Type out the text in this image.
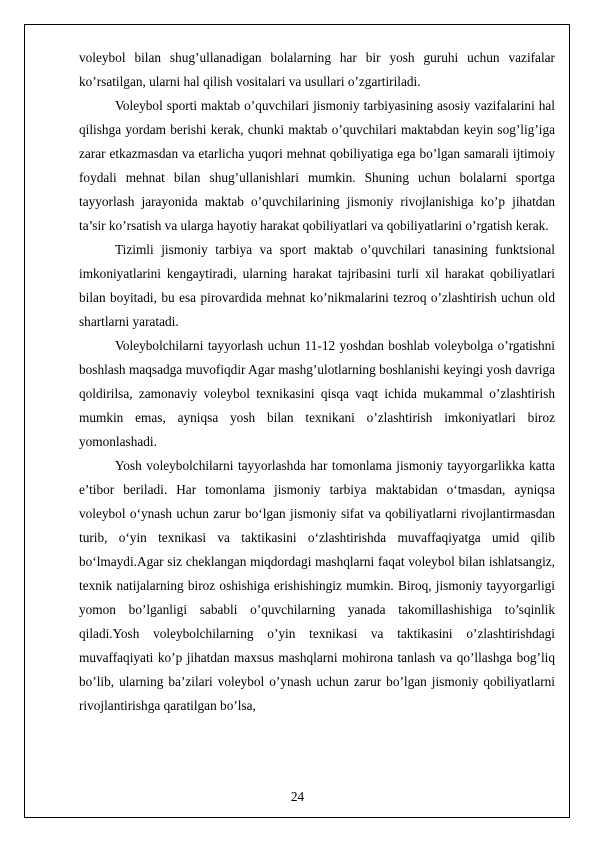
voleybol bilan shug’ullanadigan bolalarning har bir yosh guruhi uchun vazifalar ko’rsatilgan, ularni hal qilish vositalari va usullari o’zgartiriladi.

Voleybol sporti maktab o’quvchilari jismoniy tarbiyasining asosiy vazifalarini hal qilishga yordam berishi kerak, chunki maktab o’quvchilari maktabdan keyin sog’lig’iga zarar etkazmasdan va etarlicha yuqori mehnat qobiliyatiga ega bo’lgan samarali ijtimoiy foydali mehnat bilan shug’ullanishlari mumkin. Shuning uchun bolalarni sportga tayyorlash jarayonida maktab o’quvchilarining jismoniy rivojlanishiga ko’p jihatdan ta’sir ko’rsatish va ularga hayotiy harakat qobiliyatlari va qobiliyatlarini o’rgatish kerak.

Tizimli jismoniy tarbiya va sport maktab o’quvchilari tanasining funktsional imkoniyatlarini kengaytiradi, ularning harakat tajribasini turli xil harakat qobiliyatlari bilan boyitadi, bu esa pirovardida mehnat ko’nikmalarini tezroq o’zlashtirish uchun old shartlarni yaratadi.

Voleybolchilarni tayyorlash uchun 11-12 yoshdan boshlab voleybolga o’rgatishni boshlash maqsadga muvofiqdir Agar mashg’ulotlarning boshlanishi keyingi yosh davriga qoldirilsa, zamonaviy voleybol texnikasini qisqa vaqt ichida mukammal o’zlashtirish mumkin emas, ayniqsa yosh bilan texnikani o’zlashtirish imkoniyatlari biroz yomonlashadi.

Yosh voleybolchilarni tayyorlashda har tomonlama jismoniy tayyorgarlikka katta e’tibor beriladi. Har tomonlama jismoniy tarbiya maktabidan o‘tmasdan, ayniqsa voleybol o‘ynash uchun zarur bo‘lgan jismoniy sifat va qobiliyatlarni rivojlantirmasdan turib, o‘yin texnikasi va taktikasini o‘zlashtirishda muvaffaqiyatga umid qilib bo‘lmaydi.Agar siz cheklangan miqdordagi mashqlarni faqat voleybol bilan ishlatsangiz, texnik natijalarning biroz oshishiga erishishingiz mumkin. Biroq, jismoniy tayyorgarligi yomon bo’lganligi sababli o’quvchilarning yanada takomillashishiga to’sqinlik qiladi.Yosh voleybolchilarning o’yin texnikasi va taktikasini o’zlashtirishdagi muvaffaqiyati ko’p jihatdan maxsus mashqlarni mohirona tanlash va qo’llashga bog’liq bo’lib, ularning ba’zilari voleybol o’ynash uchun zarur bo’lgan jismoniy qobiliyatlarni rivojlantirishga qaratilgan bo’lsa,

24
